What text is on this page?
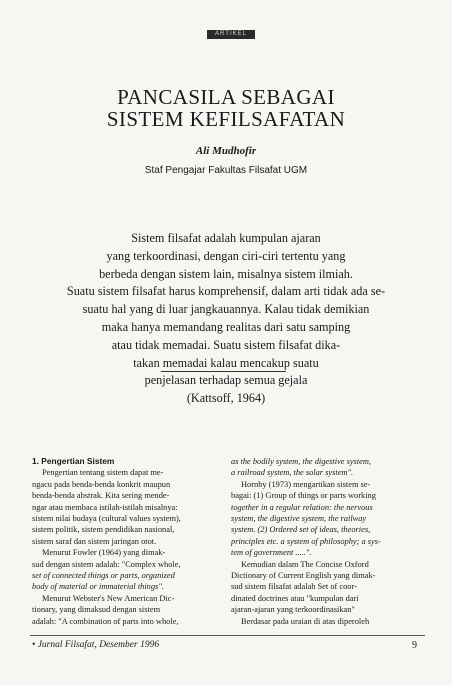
ARTIKEL
PANCASILA SEBAGAI
SISTEM KEFILSAFATAN
Ali Mudhofir
Staf Pengajar Fakultas Filsafat UGM
Sistem filsafat adalah kumpulan ajaran
yang terkoordinasi, dengan ciri-ciri tertentu yang
berbeda dengan sistem lain, misalnya sistem ilmiah.
Suatu sistem filsafat harus komprehensif, dalam arti tidak ada se-
suatu hal yang di luar jangkauannya. Kalau tidak demikian
maka hanya memandang realitas dari satu samping
atau tidak memadai. Suatu sistem filsafat dika-
takan memadai kalau mencakup suatu
penjelasan terhadap semua gejala
(Kattsoff, 1964)
1. Pengertian Sistem
Pengertian tentang sistem dapat me-
ngacu pada benda-benda konkrit maupun
benda-benda abstrak. Kita sering mende-
ngar atau membaca istilah-istilah misalnya:
sistem nilai budaya (cultural values system),
sistem politik, sistem pendidikan nasional,
sistem saraf dan sistem jaringan otot.
Menurut Fowler (1964) yang dimak-
sud dengan sistem adalah: "Complex whole,
set of connected things or parts, organized
body of material or immaterial things".
Menurut Webster's New American Dic-
tionary, yang dimaksud dengan sistem
adalah: "A combination of parts into whole,
as the bodily system, the digestive system,
a railroad system, the solar system".
Hornby (1973) mengartikan sistem se-
bagai: (1) Group of things or parts working
together in a regular relation: the nervous
system, the digestive system, the railway
system. (2) Ordered set of ideas, theories,
principles etc. a system of philosophy; a sys-
tem of government .....".
Kemudian dalam The Concise Oxford
Dictionary of Current English yang dimak-
sud sistem filsafat adalah Set of coor-
dinated doctrines atau "kumpulan dari
ajaran-ajaran yang terkoordinasikan"
Berdasar pada uraian di atas diperoleh
• Jurnal Filsafat, Desember 1996	9
